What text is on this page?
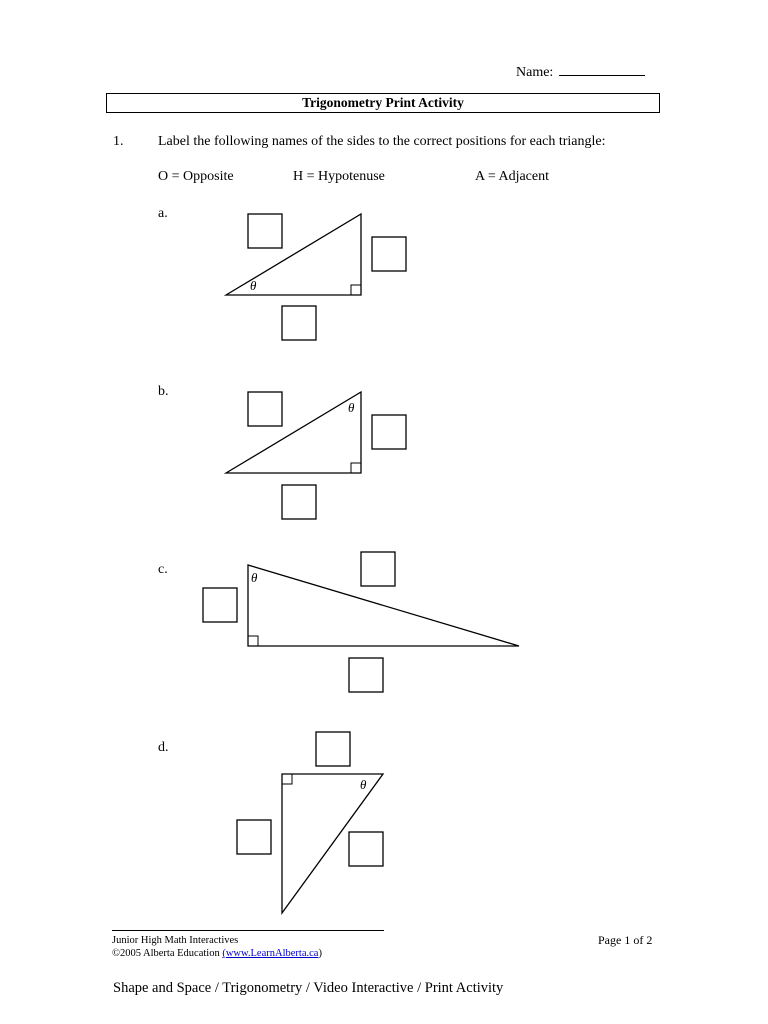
Name:
Trigonometry Print Activity
1. Label the following names of the sides to the correct positions for each triangle:
O = Opposite	H = Hypotenuse	A = Adjacent
a.
b.
c.
d.
θ
θ
θ
θ
Junior High Math Interactives
©2005 Alberta Education (www.LearnAlberta.ca)
Page 1 of 2
Shape and Space / Trigonometry / Video Interactive / Print Activity
